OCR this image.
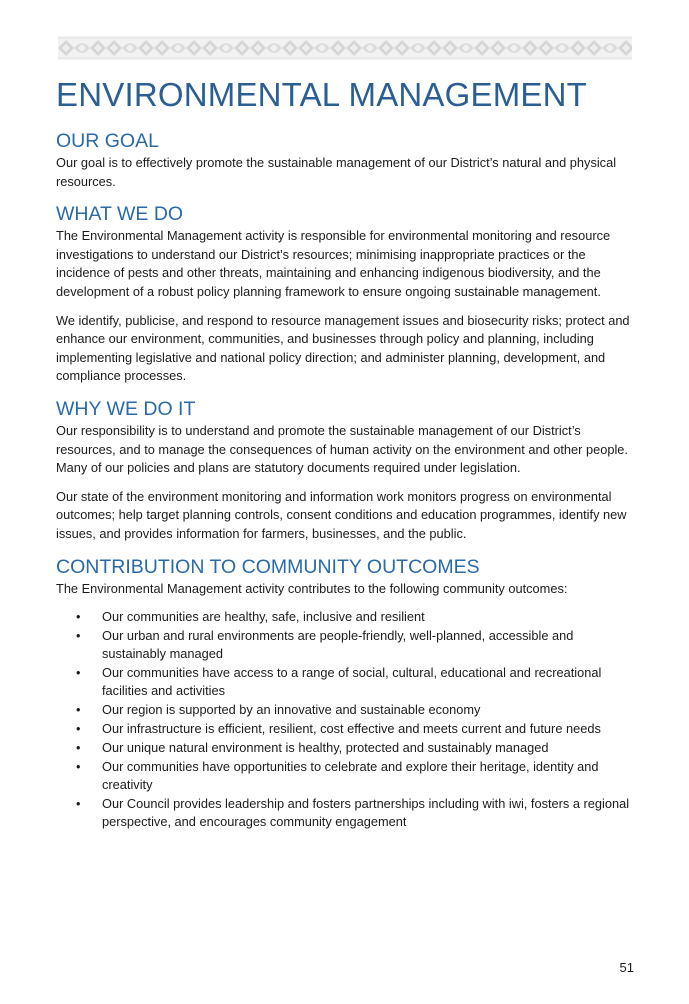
ENVIRONMENTAL MANAGEMENT
OUR GOAL

Our goal is to effectively promote the sustainable management of our District’s natural and physical resources.

WHAT WE DO

The Environmental Management activity is responsible for environmental monitoring and resource investigations to understand our District’s resources; minimising inappropriate practices or the incidence of pests and other threats, maintaining and enhancing indigenous biodiversity, and the development of a robust policy planning framework to ensure ongoing sustainable management.

We identify, publicise, and respond to resource management issues and biosecurity risks; protect and enhance our environment, communities, and businesses through policy and planning, including implementing legislative and national policy direction; and administer planning, development, and compliance processes.

WHY WE DO IT

Our responsibility is to understand and promote the sustainable management of our District’s resources, and to manage the consequences of human activity on the environment and other people. Many of our policies and plans are statutory documents required under legislation.

Our state of the environment monitoring and information work monitors progress on environmental outcomes; help target planning controls, consent conditions and education programmes, identify new issues, and provides information for farmers, businesses, and the public.

CONTRIBUTION TO COMMUNITY OUTCOMES

The Environmental Management activity contributes to the following community outcomes:

• Our communities are healthy, safe, inclusive and resilient
• Our urban and rural environments are people-friendly, well-planned, accessible and sustainably managed
• Our communities have access to a range of social, cultural, educational and recreational facilities and activities
• Our region is supported by an innovative and sustainable economy
• Our infrastructure is efficient, resilient, cost effective and meets current and future needs
• Our unique natural environment is healthy, protected and sustainably managed
• Our communities have opportunities to celebrate and explore their heritage, identity and creativity
• Our Council provides leadership and fosters partnerships including with iwi, fosters a regional perspective, and encourages community engagement
51
